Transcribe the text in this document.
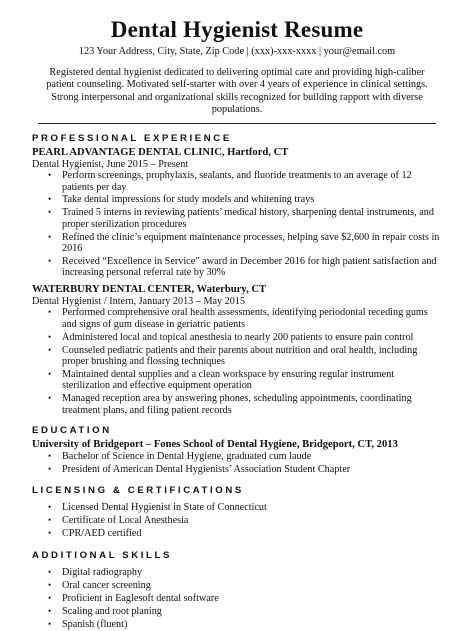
Dental Hygienist Resume
123 Your Address, City, State, Zip Code | (xxx)-xxx-xxxx | your@email.com
Registered dental hygienist dedicated to delivering optimal care and providing high-caliber patient counseling. Motivated self-starter with over 4 years of experience in clinical settings. Strong interpersonal and organizational skills recognized for building rapport with diverse populations.
PROFESSIONAL EXPERIENCE
PEARL ADVANTAGE DENTAL CLINIC, Hartford, CT
Dental Hygienist, June 2015 – Present
• Perform screenings, prophylaxis, sealants, and fluoride treatments to an average of 12 patients per day
• Take dental impressions for study models and whitening trays
• Trained 5 interns in reviewing patients’ medical history, sharpening dental instruments, and proper sterilization procedures
• Refined the clinic’s equipment maintenance processes, helping save $2,600 in repair costs in 2016
• Received “Excellence in Service” award in December 2016 for high patient satisfaction and increasing personal referral rate by 30%
WATERBURY DENTAL CENTER, Waterbury, CT
Dental Hygienist / Intern, January 2013 – May 2015
• Performed comprehensive oral health assessments, identifying periodontal receding gums and signs of gum disease in geriatric patients
• Administered local and topical anesthesia to nearly 200 patients to ensure pain control
• Counseled pediatric patients and their parents about nutrition and oral health, including proper brushing and flossing techniques
• Maintained dental supplies and a clean workspace by ensuring regular instrument sterilization and effective equipment operation
• Managed reception area by answering phones, scheduling appointments, coordinating treatment plans, and filing patient records
EDUCATION
University of Bridgeport – Fones School of Dental Hygiene, Bridgeport, CT, 2013
• Bachelor of Science in Dental Hygiene, graduated cum laude
• President of American Dental Hygienists’ Association Student Chapter
LICENSING & CERTIFICATIONS
• Licensed Dental Hygienist in State of Connecticut
• Certificate of Local Anesthesia
• CPR/AED certified
ADDITIONAL SKILLS
• Digital radiography
• Oral cancer screening
• Proficient in Eaglesoft dental software
• Scaling and root planing
• Spanish (fluent)
